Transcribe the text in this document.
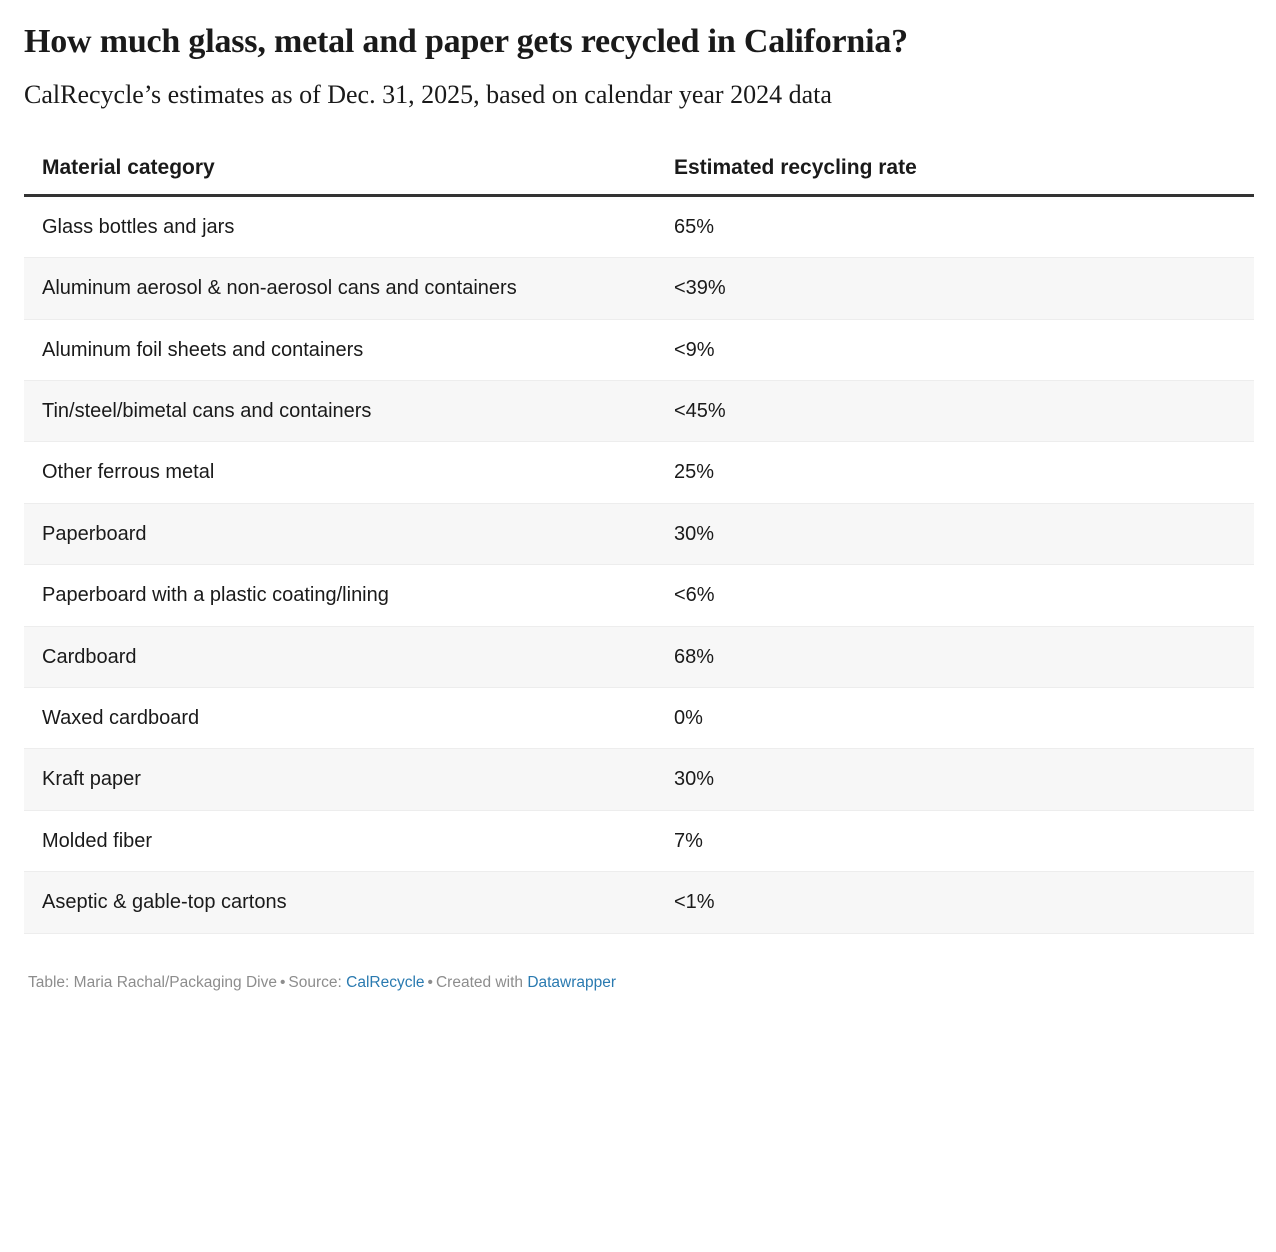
How much glass, metal and paper gets recycled in California?
CalRecycle’s estimates as of Dec. 31, 2025, based on calendar year 2024 data
Material category	Estimated recycling rate
Glass bottles and jars	65%
Aluminum aerosol & non-aerosol cans and containers	<39%
Aluminum foil sheets and containers	<9%
Tin/steel/bimetal cans and containers	<45%
Other ferrous metal	25%
Paperboard	30%
Paperboard with a plastic coating/lining	<6%
Cardboard	68%
Waxed cardboard	0%
Kraft paper	30%
Molded fiber	7%
Aseptic & gable-top cartons	<1%
Table: Maria Rachal/Packaging Dive • Source: CalRecycle • Created with Datawrapper
